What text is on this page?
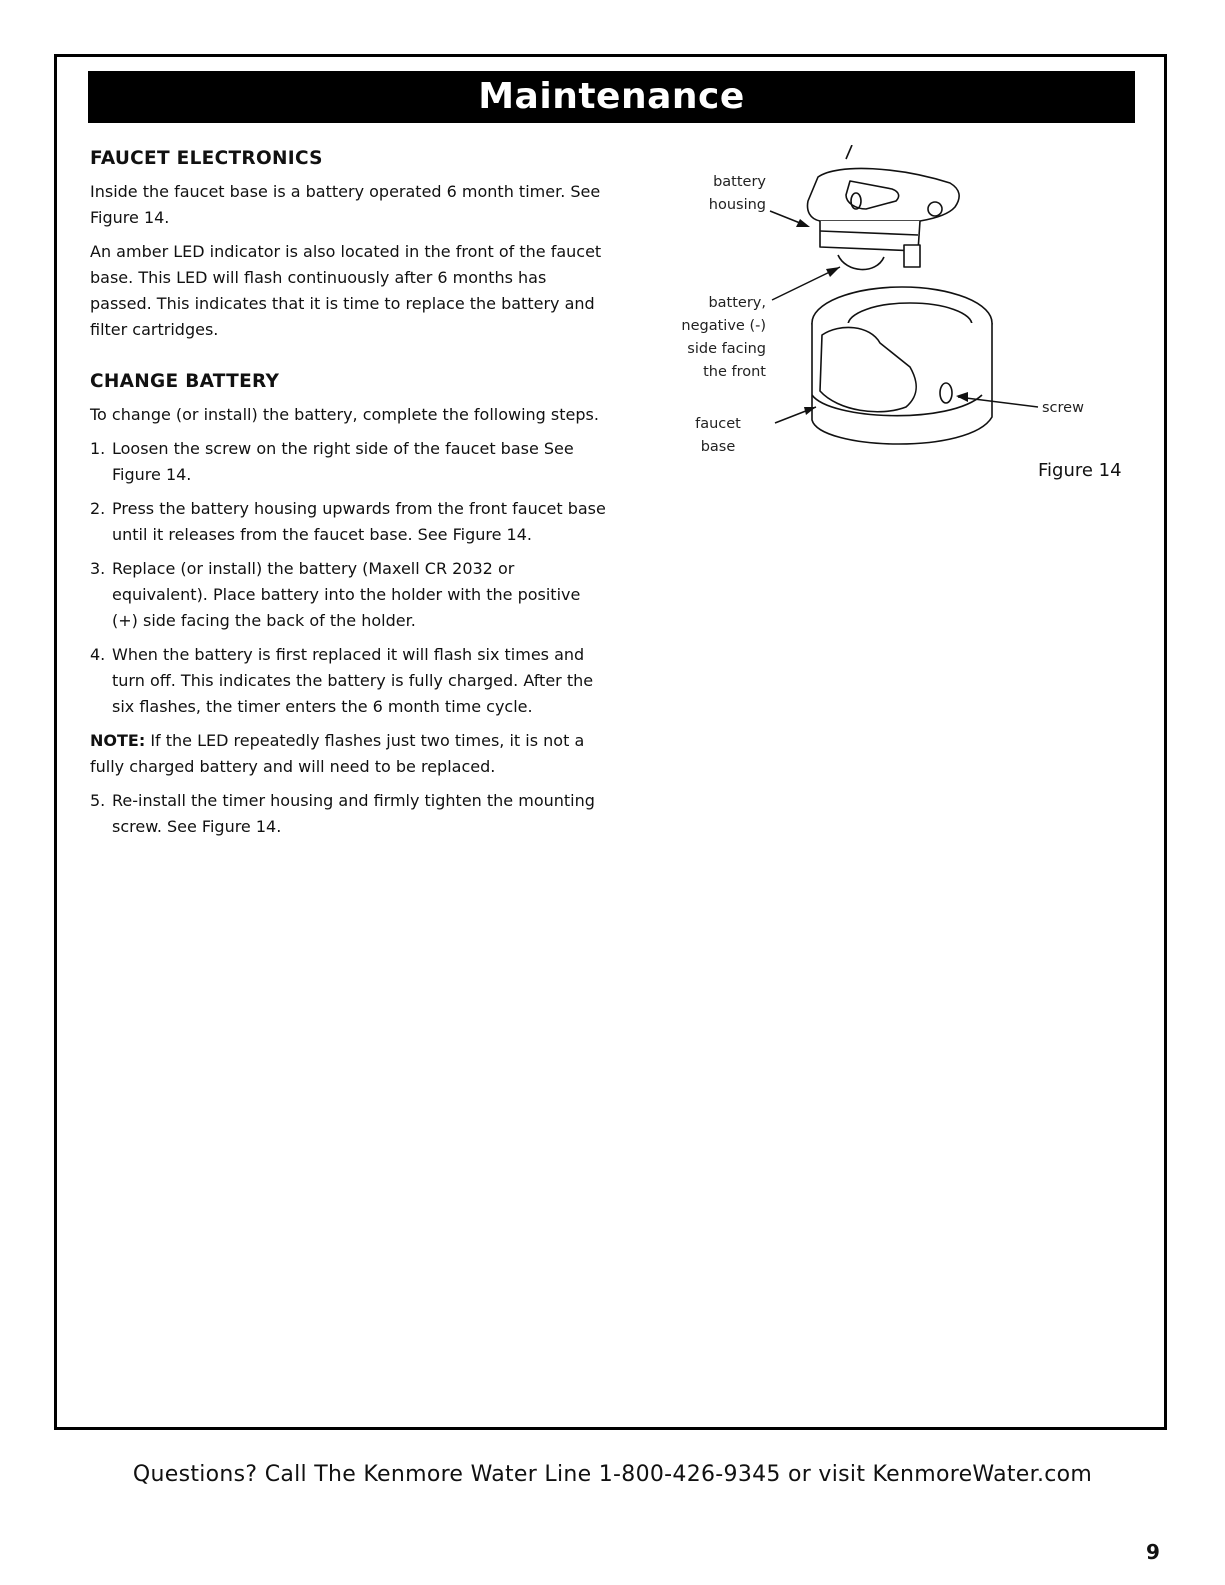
Maintenance
FAUCET ELECTRONICS

Inside the faucet base is a battery operated 6 month timer. See Figure 14.

An amber LED indicator is also located in the front of the faucet base. This LED will flash continuously after 6 months has passed. This indicates that it is time to replace the battery and filter cartridges.

CHANGE BATTERY

To change (or install) the battery, complete the following steps.

1. Loosen the screw on the right side of the faucet base See Figure 14.
2. Press the battery housing upwards from the front faucet base until it releases from the faucet base. See Figure 14.
3. Replace (or install) the battery (Maxell CR 2032 or equivalent). Place battery into the holder with the positive (+) side facing the back of the holder.
4. When the battery is first replaced it will flash six times and turn off. This indicates the battery is fully charged. After the six flashes, the timer enters the 6 month time cycle.

NOTE: If the LED repeatedly flashes just two times, it is not a fully charged battery and will need to be replaced.

5. Re-install the timer housing and firmly tighten the mounting screw. See Figure 14.
battery
housing
battery,
negative (-)
side facing
the front
faucet
base
screw
Figure 14
Questions? Call The Kenmore Water Line 1-800-426-9345 or visit KenmoreWater.com
9
